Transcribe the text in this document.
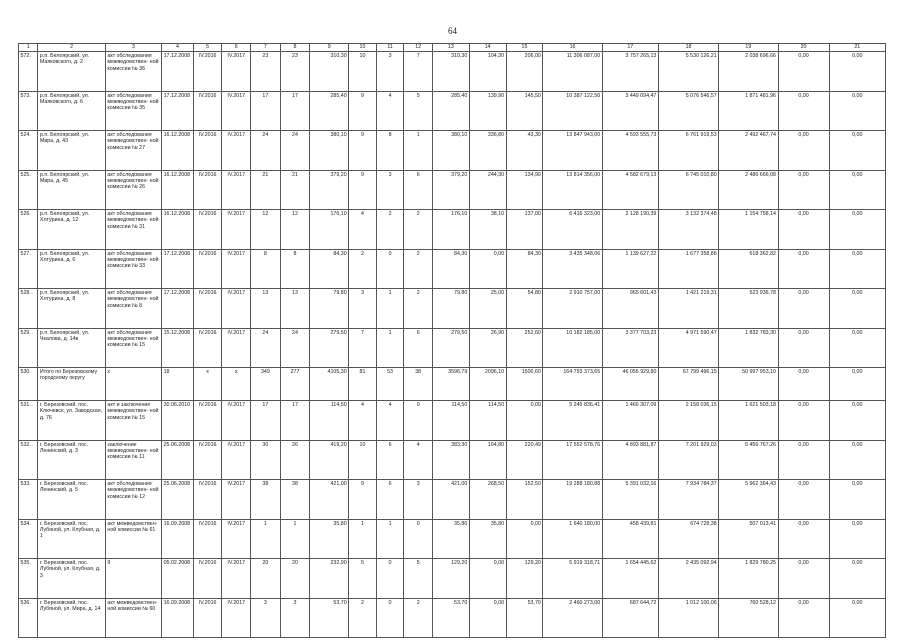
64
1	2	3	4	5	6	7	8	9	10	11	12	13	14	15	16	17	18	19	20	21
572.	р.п. Белоярский, ул. Маяковского, д. 2	акт обследования межведомствен- ной комиссии № 36	17.12.2008	IV.2016	IV.2017	23	23	310,30	10	3	7	310,30	104,30	206,00	11 306 087,00	3 757 265,13	5 530 126,21	2 038 696,66	0,00	0,00
573.	р.п. Белоярский, ул. Маяковского, д. 6	акт обследования межведомствен- ной комиссии № 35	17.12.2008	IV.2016	IV.2017	17	17	285,40	9	4	5	285,40	139,90	145,50	10 387 122,50	3 449 094,47	5 076 546,57	1 871 481,96	0,00	0,00
524.	р.п. Белоярский, ул. Мира, д. 43	акт обследования межведомствен- ной комиссии № 27	16.12.2008	IV.2016	IV.2017	24	24	380,10	9	8	1	380,10	336,80	43,30	13 847 943,00	4 593 555,73	6 761 919,53	2 492 467,74	0,00	0,00
525.	р.п. Белоярский, ул. Мира, д. 45	акт обследования межведомствен- ной комиссии № 26	16.12.2008	IV.2016	IV.2017	21	21	379,20	9	3	6	379,20	244,30	134,90	13 814 356,00	4 582 679,13	6 745 010,80	2 486 666,08	0,00	0,00
526.	р.п. Белоярский, ул. Хлтурина, д. 12	акт обследования межведомствен- ной комиссии № 31	16.12.2008	IV.2016	IV.2017	12	12	176,10	4	2	2	176,10	38,10	137,00	6 416 323,00	2 128 190,39	3 132 374,48	1 154 758,14	0,00	0,00
527.	р.п. Белоярский, ул. Хлтурина, д. 6	акт обследования межведомствен- ной комиссии № 33	17.12.2008	IV.2016	IV.2017	8	8	84,30	2	0	2	84,30	0,00	84,30	3 435 348,06	1 139 627,22	1 677 358,86	618 362,82	0,00	0,00
528.	р.п. Белоярский, ул. Хлтурина, д. 8	акт обследования межведомствен- ной комиссии № 8	17.12.2008	IV.2016	IV.2017	13	13	79,80	3	1	2	79,80	25,00	54,80	2 910 757,00	965 601,43	1 421 219,31	523 936,78	0,00	0,00
529.	р.п. Белоярский, ул. Чкалова, д. 14в	акт обследования межведомствен- ной комиссии № 15	15.12.2008	IV.2016	IV.2017	24	24	279,50	7	1	6	279,50	26,90	252,60	10 182 185,00	3 377 703,23	4 971 590,47	1 832 783,30	0,00	0,00
530.	Итого по Березовскому городскому округу	х	18	х	х	349	277	4105,30	81	53	38	3596,79	2096,10	1500,60	164 793 373,65	46 056 929,80	67 799 496,15	50 997 953,10	0,00	0,00
531.	г. Березовский, пос. Ключевск, ул. Заводская, д. 76	акт и заключение межведомствен- ной комиссии № 15	30.06.2010	IV.2016	IV.2017	17	17	114,50	4	4	0	114,50	114,50	0,00	5 245 836,41	1 466 307,09	2 158 036,15	1 621 503,18	0,00	0,00
532.	г. Березовский, пос. Ленинский, д. 3	заключение межведомствен- ной комиссии № 11	25.06.2008	IV.2016	IV.2017	30	26	419,20	10	6	4	383,30	164,80	220,49	17 552 578,76	4 893 881,87	7 201 929,03	5 456 767,26	0,00	0,00
533.	г. Березовский, пос. Ленинский, д. 5	акт обследования межведомствен- ной комиссии № 12	25.06.2008	IV.2016	IV.2017	38	38	421,00	9	6	3	421,00	268,50	152,50	19 288 180,88	5 391 032,16	7 934 784,37	5 962 364,43	0,00	0,00
534.	г. Березовский, пос. Лубяной, ул. Клубная, д. 1	акт межведомствен- ной комиссии № 61	16.09.2008	IV.2016	IV.2017	1	1	35,80	1	1	0	35,80	35,80	0,00	1 640 180,00	458 439,81	674 728,38	507 013,41	0,00	0,00
535.	г. Березовский, пос. Лубяной, ул. Клубная, д. 3	9	05.02.2008	IV.2016	IV.2017	20	20	232,90	5	0	5	129,20	0,00	129,20	5 919 318,71	1 654 445,62	2 435 092,94	1 829 780,25	0,00	0,00
536.	г. Березовский, пос. Лубяной, ул. Мира, д. 14	акт межведомствен- ной комиссии № 60	16.09.2008	IV.2016	IV.2017	3	3	53,70	2	0	2	53,70	0,00	53,70	2 460 273,00	687 644,72	1 012 100,06	760 528,12	0,00	0,00
